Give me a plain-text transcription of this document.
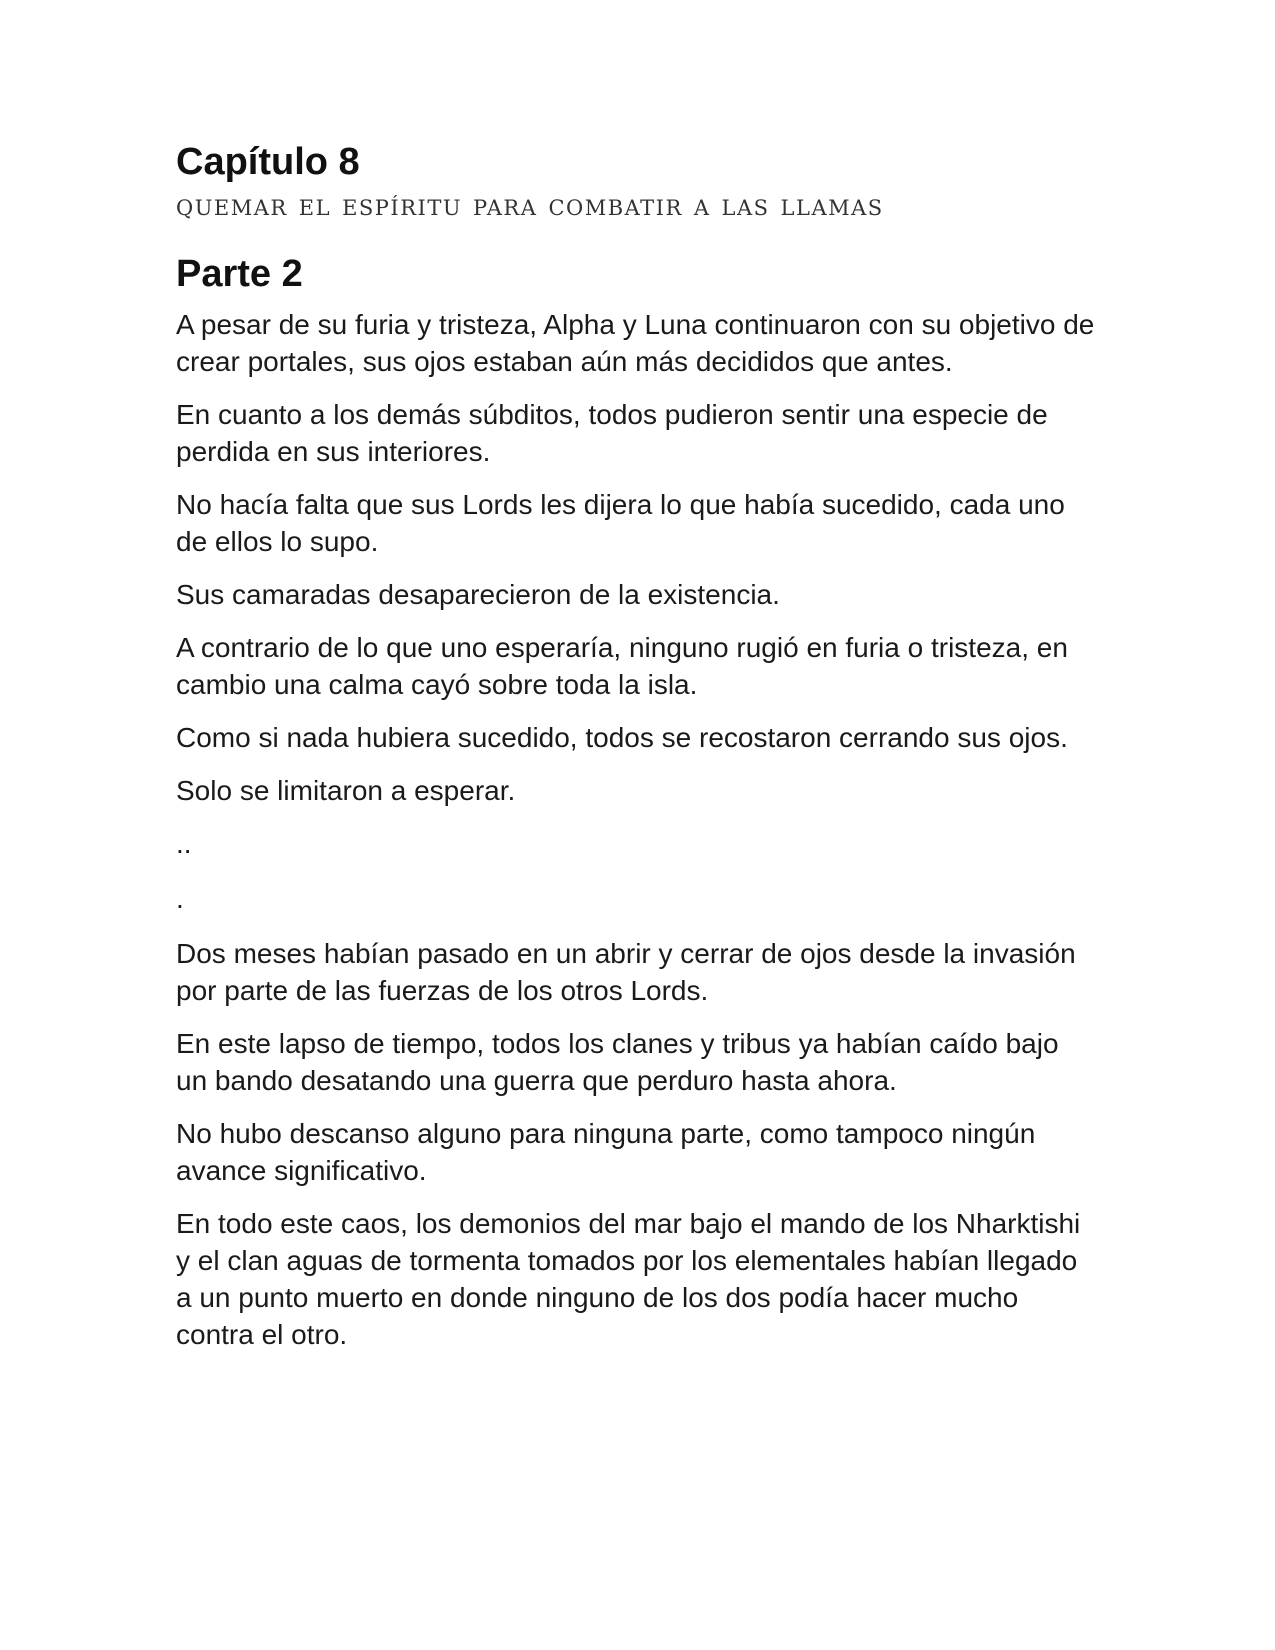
Capítulo 8
quemar el espíritu para combatir a las llamas
Parte 2

A pesar de su furia y tristeza, Alpha y Luna continuaron con su objetivo de crear portales, sus ojos estaban aún más decididos que antes.

En cuanto a los demás súbditos, todos pudieron sentir una especie de perdida en sus interiores.

No hacía falta que sus Lords les dijera lo que había sucedido, cada uno de ellos lo supo.

Sus camaradas desaparecieron de la existencia.

A contrario de lo que uno esperaría, ninguno rugió en furia o tristeza, en cambio una calma cayó sobre toda la isla.

Como si nada hubiera sucedido, todos se recostaron cerrando sus ojos.

Solo se limitaron a esperar.

..

.

Dos meses habían pasado en un abrir y cerrar de ojos desde la invasión por parte de las fuerzas de los otros Lords.

En este lapso de tiempo, todos los clanes y tribus ya habían caído bajo un bando desatando una guerra que perduro hasta ahora.

No hubo descanso alguno para ninguna parte, como tampoco ningún avance significativo.

En todo este caos, los demonios del mar bajo el mando de los Nharktishi y el clan aguas de tormenta tomados por los elementales habían llegado a un punto muerto en donde ninguno de los dos podía hacer mucho contra el otro.
